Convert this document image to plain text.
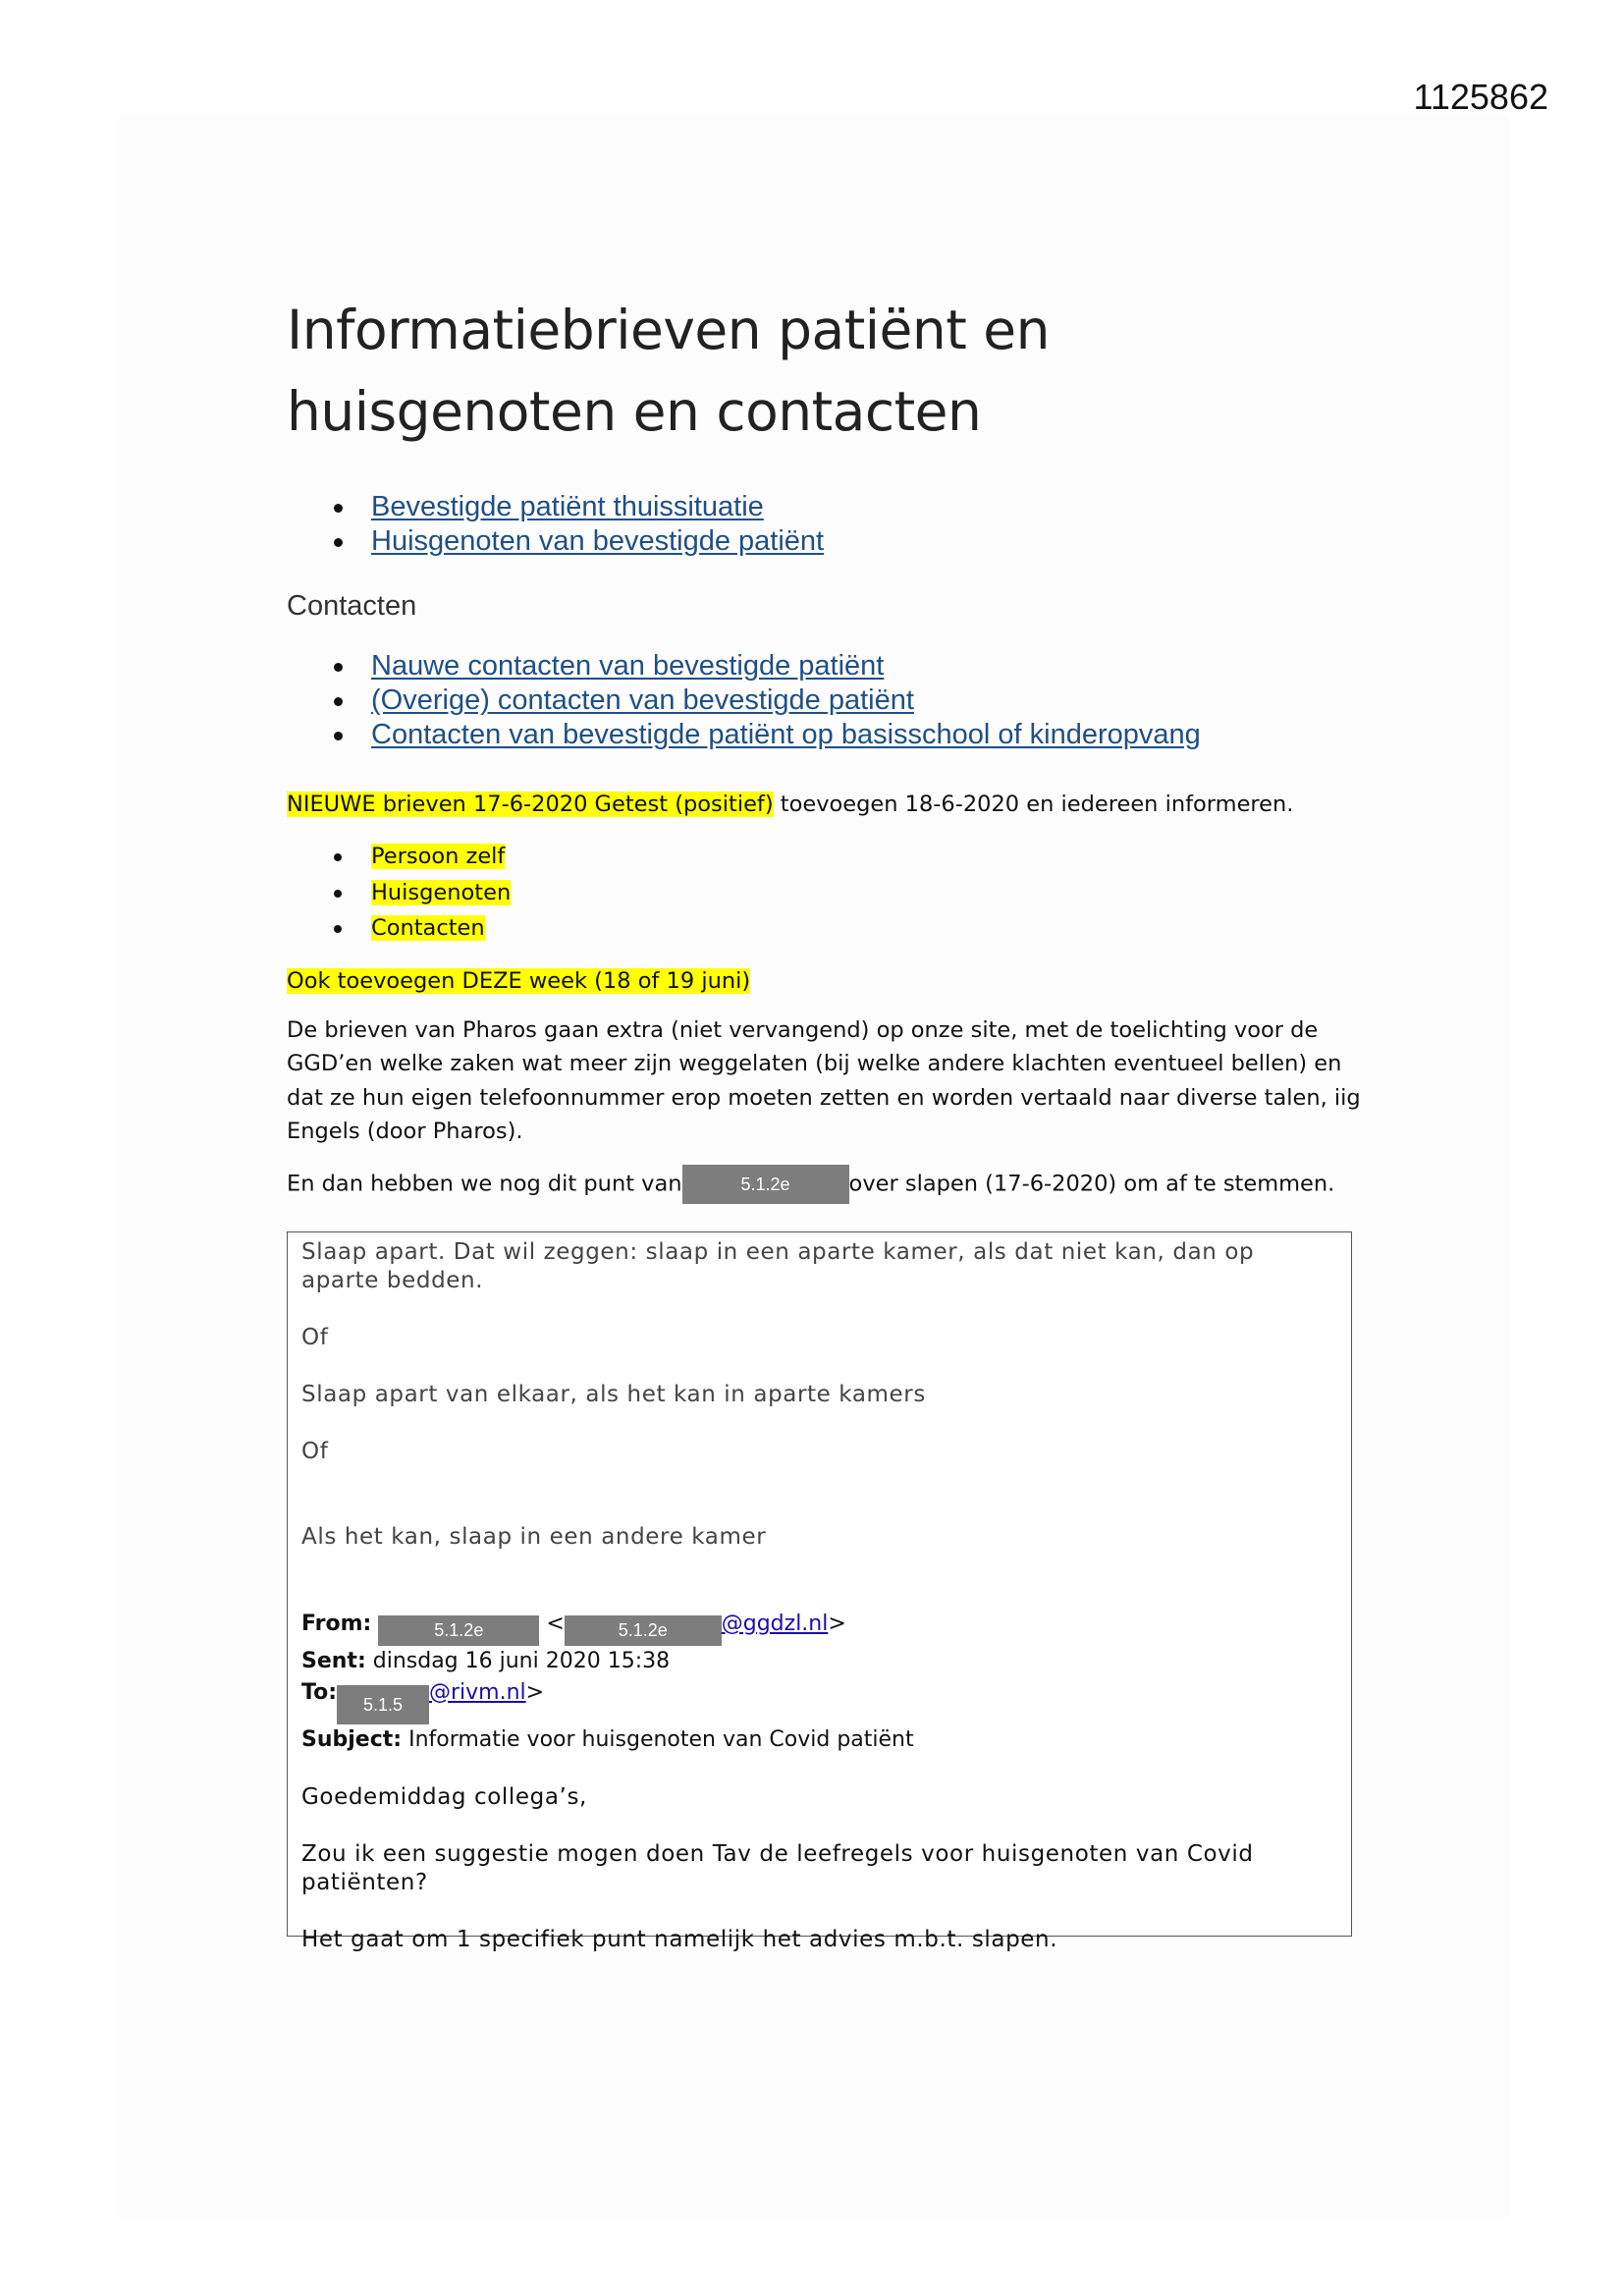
1125862
Informatiebrieven patiënt en
huisgenoten en contacten
Bevestigde patiënt thuissituatie
Huisgenoten van bevestigde patiënt

Contacten

Nauwe contacten van bevestigde patiënt
(Overige) contacten van bevestigde patiënt
Contacten van bevestigde patiënt op basisschool of kinderopvang

NIEUWE brieven 17-6-2020 Getest (positief) toevoegen 18-6-2020 en iedereen informeren.

Persoon zelf
Huisgenoten
Contacten

Ook toevoegen DEZE week (18 of 19 juni)

De brieven van Pharos gaan extra (niet vervangend) op onze site, met de toelichting voor de GGD’en welke zaken wat meer zijn weggelaten (bij welke andere klachten eventueel bellen) en dat ze hun eigen telefoonnummer erop moeten zetten en worden vertaald naar diverse talen, iig Engels (door Pharos).

En dan hebben we nog dit punt van	5.1.2e	over slapen (17-6-2020) om af te stemmen.

Slaap apart. Dat wil zeggen: slaap in een aparte kamer, als dat niet kan, dan op aparte bedden.

Of

Slaap apart van elkaar, als het kan in aparte kamers

Of

Als het kan, slaap in een andere kamer

From:	5.1.2e	<	5.1.2e @ggdzl.nl>
Sent: dinsdag 16 juni 2020 15:38
To: 5.1.5 @rivm.nl>
Subject: Informatie voor huisgenoten van Covid patiënt

Goedemiddag collega’s,

Zou ik een suggestie mogen doen Tav de leefregels voor huisgenoten van Covid patiënten?

Het gaat om 1 specifiek punt namelijk het advies m.b.t. slapen.
